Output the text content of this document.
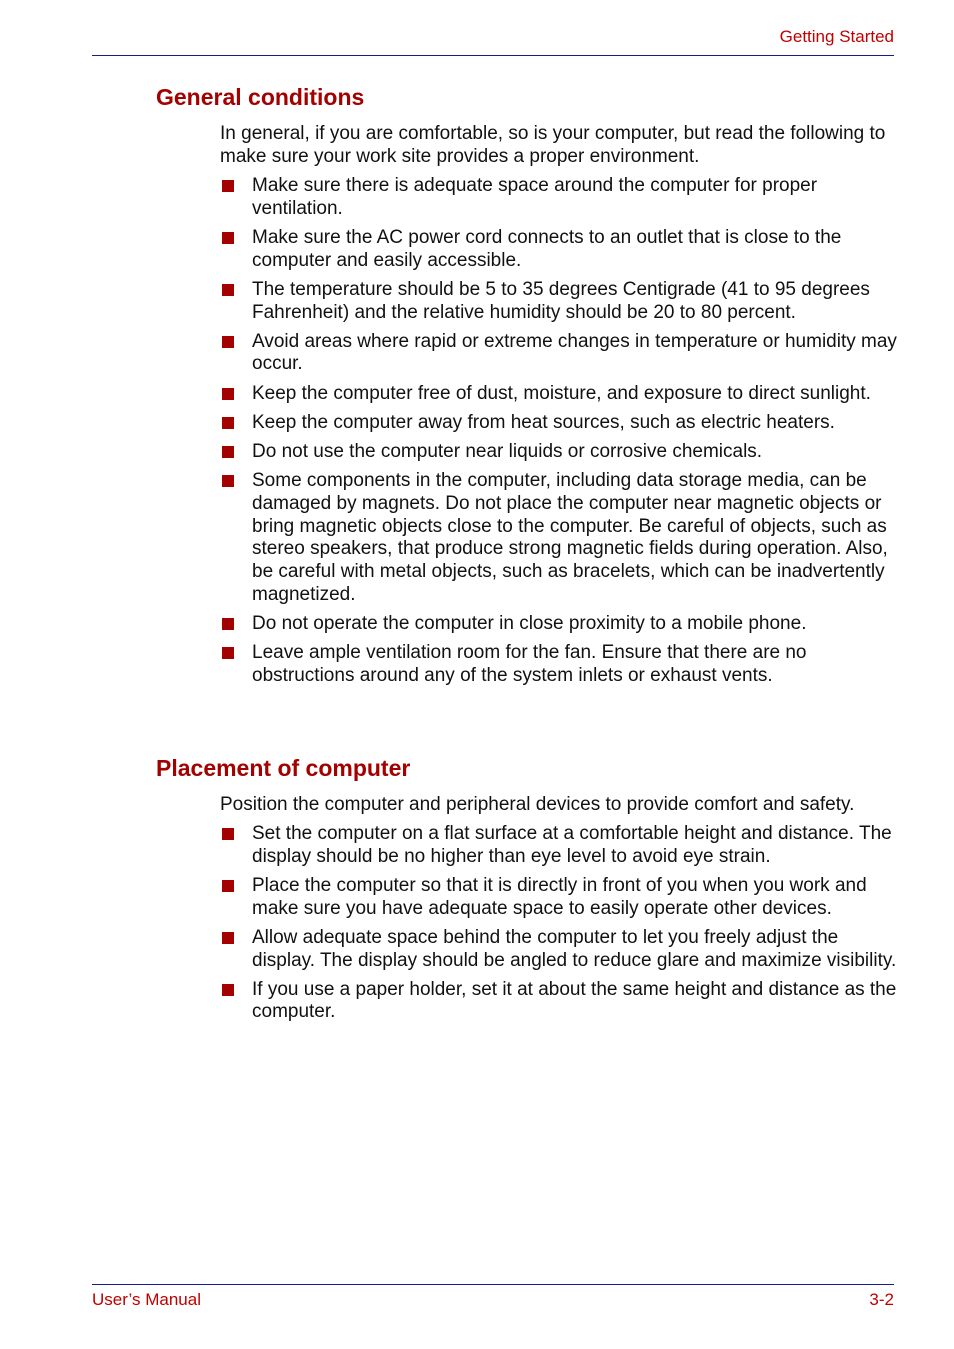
Getting Started
General conditions

In general, if you are comfortable, so is your computer, but read the following to make sure your work site provides a proper environment.

Make sure there is adequate space around the computer for proper ventilation.
Make sure the AC power cord connects to an outlet that is close to the computer and easily accessible.
The temperature should be 5 to 35 degrees Centigrade (41 to 95 degrees Fahrenheit) and the relative humidity should be 20 to 80 percent.
Avoid areas where rapid or extreme changes in temperature or humidity may occur.
Keep the computer free of dust, moisture, and exposure to direct sunlight.
Keep the computer away from heat sources, such as electric heaters.
Do not use the computer near liquids or corrosive chemicals.
Some components in the computer, including data storage media, can be damaged by magnets. Do not place the computer near magnetic objects or bring magnetic objects close to the computer. Be careful of objects, such as stereo speakers, that produce strong magnetic fields during operation. Also, be careful with metal objects, such as bracelets, which can be inadvertently magnetized.
Do not operate the computer in close proximity to a mobile phone.
Leave ample ventilation room for the fan. Ensure that there are no obstructions around any of the system inlets or exhaust vents.
Placement of computer

Position the computer and peripheral devices to provide comfort and safety.

Set the computer on a flat surface at a comfortable height and distance. The display should be no higher than eye level to avoid eye strain.
Place the computer so that it is directly in front of you when you work and make sure you have adequate space to easily operate other devices.
Allow adequate space behind the computer to let you freely adjust the display. The display should be angled to reduce glare and maximize visibility.
If you use a paper holder, set it at about the same height and distance as the computer.
User’s Manual	3-2
